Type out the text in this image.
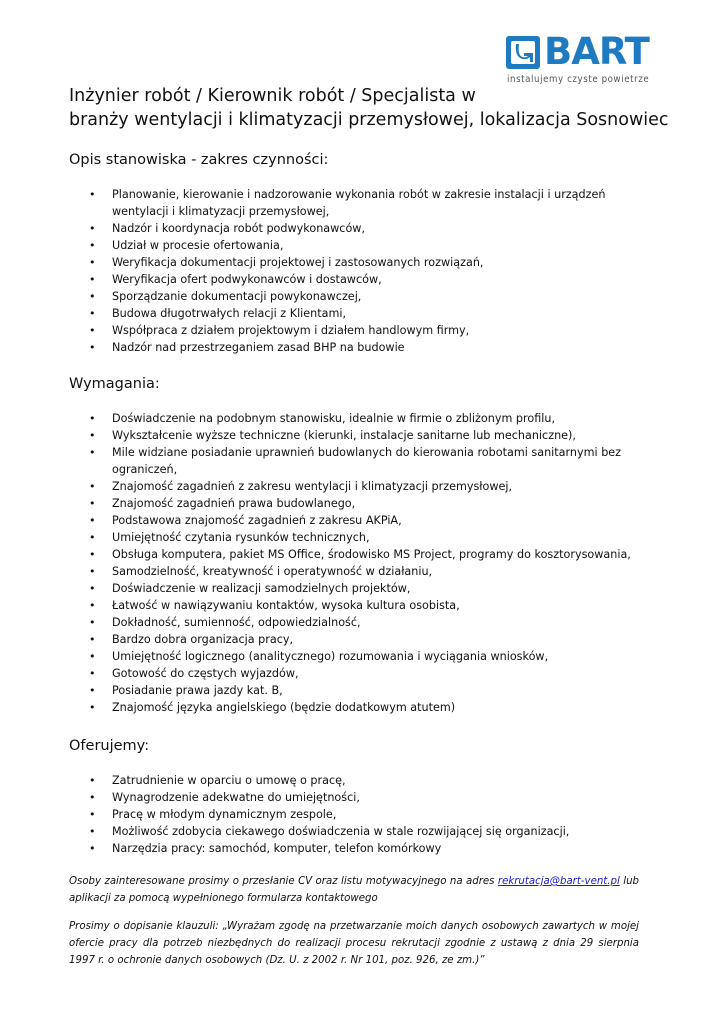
BART
instalujemy czyste powietrze
Inżynier robót / Kierownik robót / Specjalista w
branży wentylacji i klimatyzacji przemysłowej, lokalizacja Sosnowiec
Opis stanowiska - zakres czynności:
• Planowanie, kierowanie i nadzorowanie wykonania robót w zakresie instalacji i urządzeń wentylacji i klimatyzacji przemysłowej,
• Nadzór i koordynacja robót podwykonawców,
• Udział w procesie ofertowania,
• Weryfikacja dokumentacji projektowej i zastosowanych rozwiązań,
• Weryfikacja ofert podwykonawców i dostawców,
• Sporządzanie dokumentacji powykonawczej,
• Budowa długotrwałych relacji z Klientami,
• Współpraca z działem projektowym i działem handlowym firmy,
• Nadzór nad przestrzeganiem zasad BHP na budowie
Wymagania:
• Doświadczenie na podobnym stanowisku, idealnie w firmie o zbliżonym profilu,
• Wykształcenie wyższe techniczne (kierunki, instalacje sanitarne lub mechaniczne),
• Mile widziane posiadanie uprawnień budowlanych do kierowania robotami sanitarnymi bez ograniczeń,
• Znajomość zagadnień z zakresu wentylacji i klimatyzacji przemysłowej,
• Znajomość zagadnień prawa budowlanego,
• Podstawowa znajomość zagadnień z zakresu AKPiA,
• Umiejętność czytania rysunków technicznych,
• Obsługa komputera, pakiet MS Office, środowisko MS Project, programy do kosztorysowania,
• Samodzielność, kreatywność i operatywność w działaniu,
• Doświadczenie w realizacji samodzielnych projektów,
• Łatwość w nawiązywaniu kontaktów, wysoka kultura osobista,
• Dokładność, sumienność, odpowiedzialność,
• Bardzo dobra organizacja pracy,
• Umiejętność logicznego (analitycznego) rozumowania i wyciągania wniosków,
• Gotowość do częstych wyjazdów,
• Posiadanie prawa jazdy kat. B,
• Znajomość języka angielskiego (będzie dodatkowym atutem)
Oferujemy:
• Zatrudnienie w oparciu o umowę o pracę,
• Wynagrodzenie adekwatne do umiejętności,
• Pracę w młodym dynamicznym zespole,
• Możliwość zdobycia ciekawego doświadczenia w stale rozwijającej się organizacji,
• Narzędzia pracy: samochód, komputer, telefon komórkowy

Osoby zainteresowane prosimy o przesłanie CV oraz listu motywacyjnego na adres rekrutacja@bart-vent.pl lub aplikacji za pomocą wypełnionego formularza kontaktowego

Prosimy o dopisanie klauzuli: „Wyrażam zgodę na przetwarzanie moich danych osobowych zawartych w mojej ofercie pracy dla potrzeb niezbędnych do realizacji procesu rekrutacji zgodnie z ustawą z dnia 29 sierpnia 1997 r. o ochronie danych osobowych (Dz. U. z 2002 r. Nr 101, poz. 926, ze zm.)”
